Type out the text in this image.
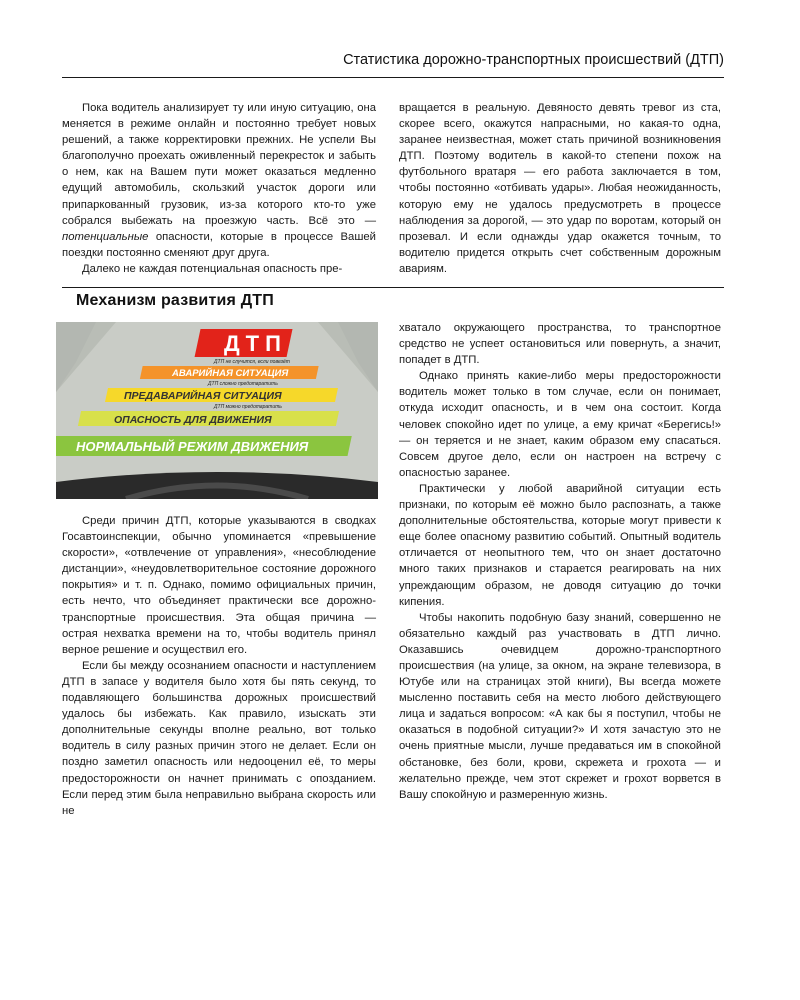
Статистика дорожно-транспортных происшествий (ДТП)

Пока водитель анализирует ту или иную ситуацию, она меняется в режиме онлайн и постоянно требует новых решений, а также корректировки прежних. Не успели Вы благополучно проехать оживленный перекресток и забыть о нем, как на Вашем пути может оказаться медленно едущий автомобиль, скользкий участок дороги или припаркованный грузовик, из-за которого кто-то уже собрался выбежать на проезжую часть. Всё это — потенциальные опасности, которые в процессе Вашей поездки постоянно сменяют друг друга.

Далеко не каждая потенциальная опасность пре-

вращается в реальную. Девяносто девять тревог из ста, скорее всего, окажутся напрасными, но какая-то одна, заранее неизвестная, может стать причиной возникновения ДТП. Поэтому водитель в какой-то степени похож на футбольного вратаря — его работа заключается в том, чтобы постоянно «отбивать удары». Любая неожиданность, которую ему не удалось предусмотреть в процессе наблюдения за дорогой, — это удар по воротам, который он прозевал. И если однажды удар окажется точным, то водителю придется открыть счет собственным дорожным авариям.

Механизм развития ДТП
ДТП
ДТП не случится, если повезёт
АВАРИЙНАЯ СИТУАЦИЯ
ДТП сложно предотвратить
ПРЕДАВАРИЙНАЯ СИТУАЦИЯ
ДТП можно предотвратить
ОПАСНОСТЬ ДЛЯ ДВИЖЕНИЯ
НОРМАЛЬНЫЙ РЕЖИМ ДВИЖЕНИЯ

Среди причин ДТП, которые указываются в сводках Госавтоинспекции, обычно упоминается «превышение скорости», «отвлечение от управления», «несоблюдение дистанции», «неудовлетворительное состояние дорожного покрытия» и т. п. Однако, помимо официальных причин, есть нечто, что объединяет практически все дорожно-транспортные происшествия. Эта общая причина — острая нехватка времени на то, чтобы водитель принял верное решение и осуществил его.

Если бы между осознанием опасности и наступлением ДТП в запасе у водителя было хотя бы пять секунд, то подавляющего большинства дорожных происшествий удалось бы избежать. Как правило, изыскать эти дополнительные секунды вполне реально, вот только водитель в силу разных причин этого не делает. Если он поздно заметил опасность или недооценил её, то меры предосторожности он начнет принимать с опозданием. Если перед этим была неправильно выбрана скорость или не

хватало окружающего пространства, то транспортное средство не успеет остановиться или повернуть, а значит, попадет в ДТП.

Однако принять какие-либо меры предосторожности водитель может только в том случае, если он понимает, откуда исходит опасность, и в чем она состоит. Когда человек спокойно идет по улице, а ему кричат «Берегись!» — он теряется и не знает, каким образом ему спасаться. Совсем другое дело, если он настроен на встречу с опасностью заранее.

Практически у любой аварийной ситуации есть признаки, по которым её можно было распознать, а также дополнительные обстоятельства, которые могут привести к еще более опасному развитию событий. Опытный водитель отличается от неопытного тем, что он знает достаточно много таких признаков и старается реагировать на них упреждающим образом, не доводя ситуацию до точки кипения.

Чтобы накопить подобную базу знаний, совершенно не обязательно каждый раз участвовать в ДТП лично. Оказавшись очевидцем дорожно-транспортного происшествия (на улице, за окном, на экране телевизора, в Ютубе или на страницах этой книги), Вы всегда можете мысленно поставить себя на место любого действующего лица и задаться вопросом: «А как бы я поступил, чтобы не оказаться в подобной ситуации?» И хотя зачастую это не очень приятные мысли, лучше предаваться им в спокойной обстановке, без боли, крови, скрежета и грохота — и желательно прежде, чем этот скрежет и грохот ворвется в Вашу спокойную и размеренную жизнь.
